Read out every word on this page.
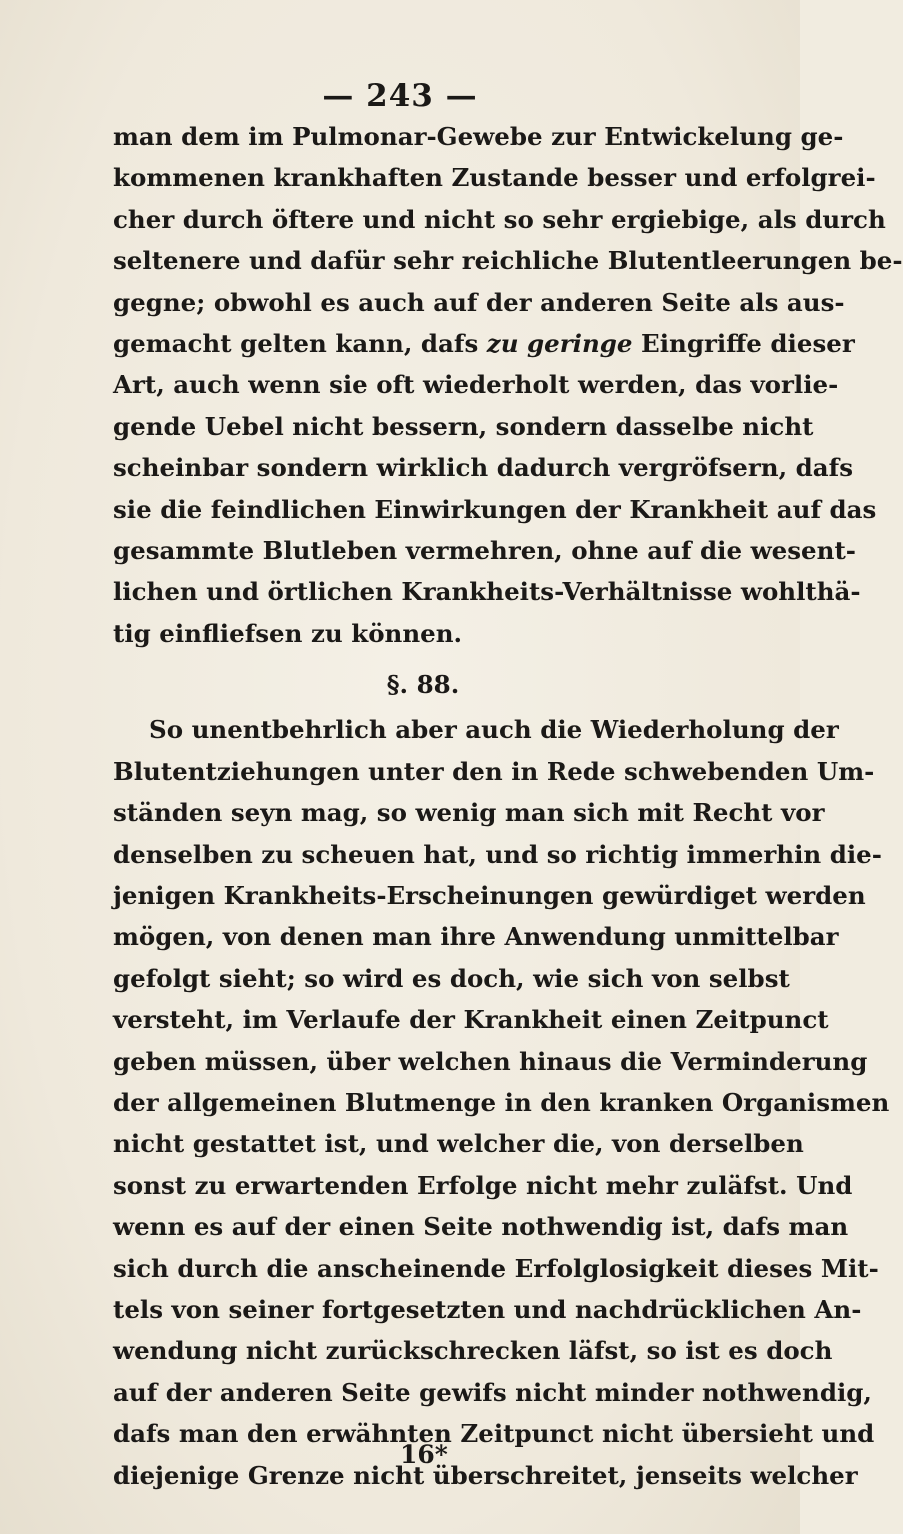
— 243 —
man dem im Pulmonar-Gewebe zur Entwickelung ge-
kommenen krankhaften Zustande besser und erfolgrei-
cher durch öftere und nicht so sehr ergiebige, als durch
seltenere und dafür sehr reichliche Blutentleerungen be-
gegne; obwohl es auch auf der anderen Seite als aus-
gemacht gelten kann, dafs zu geringe Eingriffe dieser
Art, auch wenn sie oft wiederholt werden, das vorlie-
gende Uebel nicht bessern, sondern dasselbe nicht
scheinbar sondern wirklich dadurch vergröfsern, dafs
sie die feindlichen Einwirkungen der Krankheit auf das
gesammte Blutleben vermehren, ohne auf die wesent-
lichen und örtlichen Krankheits-Verhältnisse wohlthä-
tig einfliefsen zu können.
§. 88.
So unentbehrlich aber auch die Wiederholung der
Blutentziehungen unter den in Rede schwebenden Um-
ständen seyn mag, so wenig man sich mit Recht vor
denselben zu scheuen hat, und so richtig immerhin die-
jenigen Krankheits-Erscheinungen gewürdiget werden
mögen, von denen man ihre Anwendung unmittelbar
gefolgt sieht; so wird es doch, wie sich von selbst
versteht, im Verlaufe der Krankheit einen Zeitpunct
geben müssen, über welchen hinaus die Verminderung
der allgemeinen Blutmenge in den kranken Organismen
nicht gestattet ist, und welcher die, von derselben
sonst zu erwartenden Erfolge nicht mehr zuläfst. Und
wenn es auf der einen Seite nothwendig ist, dafs man
sich durch die anscheinende Erfolglosigkeit dieses Mit-
tels von seiner fortgesetzten und nachdrücklichen An-
wendung nicht zurückschrecken läfst, so ist es doch
auf der anderen Seite gewifs nicht minder nothwendig,
dafs man den erwähnten Zeitpunct nicht übersieht und
diejenige Grenze nicht überschreitet, jenseits welcher
16*
